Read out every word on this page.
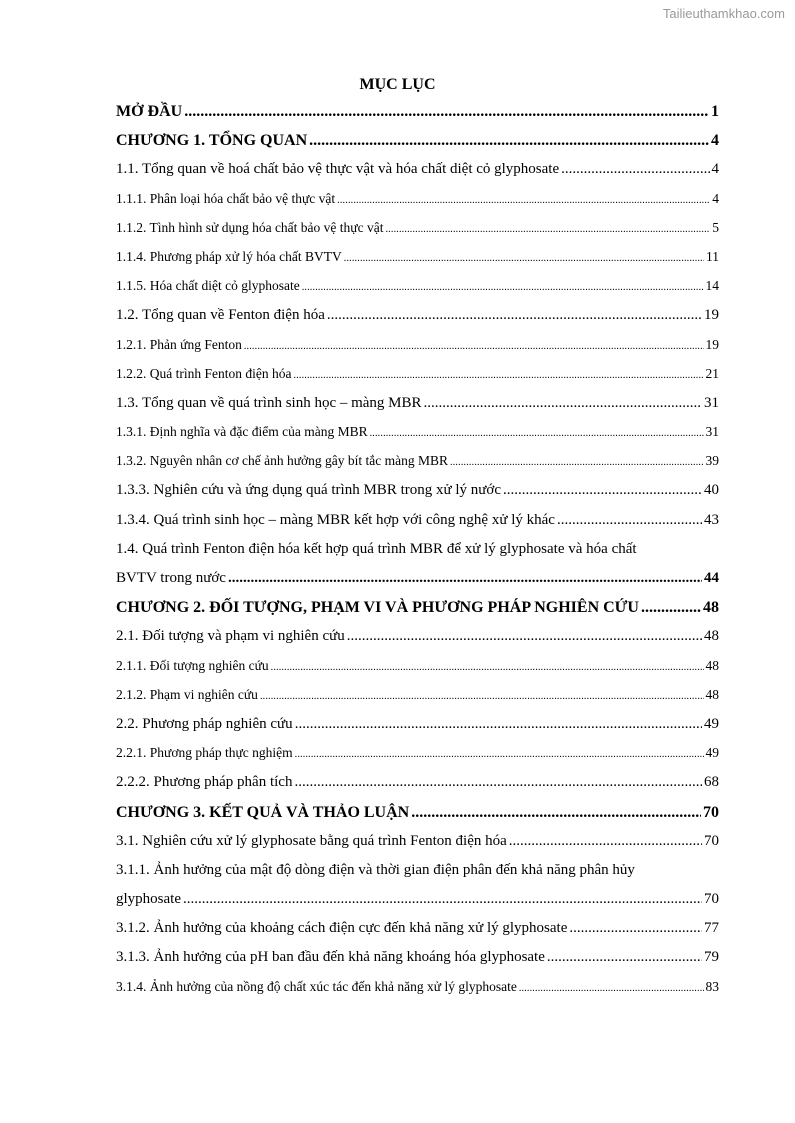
Tailieuthamkhao.com
MỤC LỤC
MỞ ĐẦU .....	1
CHƯƠNG 1. TỔNG QUAN .....	4
1.1. Tổng quan về hoá chất bảo vệ thực vật và hóa chất diệt cỏ glyphosate .....	4
1.1.1. Phân loại hóa chất bảo vệ thực vật .....	4
1.1.2. Tình hình sử dụng hóa chất bảo vệ thực vật .....	5
1.1.4. Phương pháp xử lý hóa chất BVTV .....	11
1.1.5. Hóa chất diệt cỏ glyphosate .....	14
1.2. Tổng quan về Fenton điện hóa .....	19
1.2.1. Phản ứng Fenton .....	19
1.2.2. Quá trình Fenton điện hóa .....	21
1.3. Tổng quan về quá trình sinh học – màng MBR .....	31
1.3.1. Định nghĩa và đặc điểm của màng MBR .....	31
1.3.2. Nguyên nhân cơ chế ảnh hưởng gây bít tắc màng MBR .....	39
1.3.3. Nghiên cứu và ứng dụng quá trình MBR trong xử lý nước .....	40
1.3.4. Quá trình sinh học – màng MBR kết hợp với công nghệ xử lý khác .....	43
1.4. Quá trình Fenton điện hóa kết hợp quá trình MBR để xử lý glyphosate và hóa chất
BVTV trong nước .....	44
CHƯƠNG 2. ĐỐI TƯỢNG, PHẠM VI VÀ PHƯƠNG PHÁP NGHIÊN CỨU .....	48
2.1. Đối tượng và phạm vi nghiên cứu .....	48
2.1.1. Đối tượng nghiên cứu .....	48
2.1.2. Phạm vi nghiên cứu .....	48
2.2. Phương pháp nghiên cứu .....	49
2.2.1. Phương pháp thực nghiệm .....	49
2.2.2. Phương pháp phân tích .....	68
CHƯƠNG 3. KẾT QUẢ VÀ THẢO LUẬN .....	70
3.1. Nghiên cứu xử lý glyphosate bằng quá trình Fenton điện hóa .....	70
3.1.1. Ảnh hưởng của mật độ dòng điện và thời gian điện phân đến khả năng phân hủy
glyphosate .....	70
3.1.2. Ảnh hưởng của khoảng cách điện cực đến khả năng xử lý glyphosate .....	77
3.1.3. Ảnh hưởng của pH ban đầu đến khả năng khoáng hóa glyphosate .....	79
3.1.4. Ảnh hưởng của nồng độ chất xúc tác đến khả năng xử lý glyphosate .....	83
